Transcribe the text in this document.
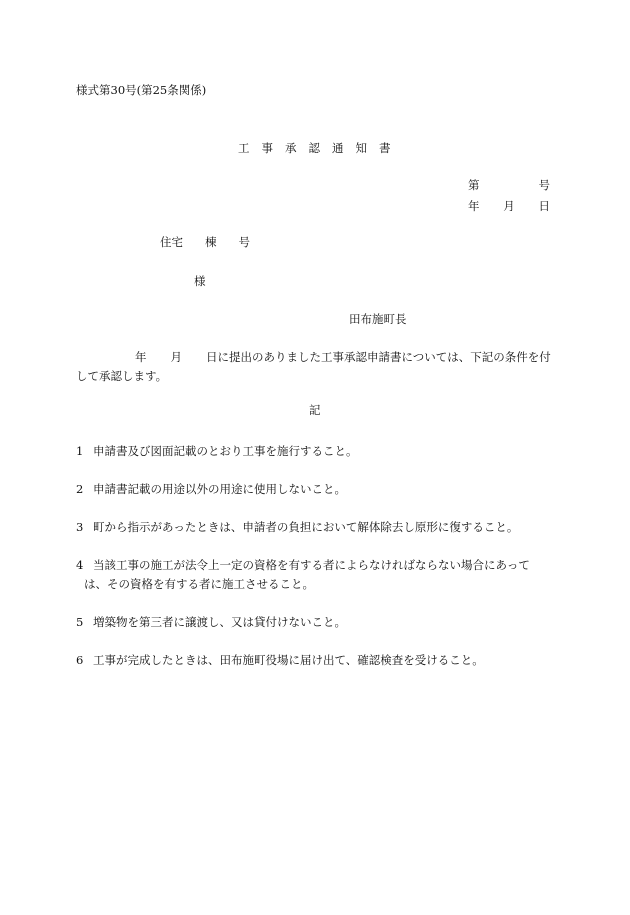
様式第30号(第25条関係)
工 事 承 認 通 知 書
第	号
年 月 日
住宅 棟 号
様
田布施町長
年 月 日に提出のありました工事承認申請書については、下記の条件を付して承認します。
記
1 申請書及び図面記載のとおり工事を施行すること。
2 申請書記載の用途以外の用途に使用しないこと。
3 町から指示があったときは、申請者の負担において解体除去し原形に復すること。
4 当該工事の施工が法令上一定の資格を有する者によらなければならない場合にあって
は、その資格を有する者に施工させること。
5 増築物を第三者に譲渡し、又は貸付けないこと。
6 工事が完成したときは、田布施町役場に届け出て、確認検査を受けること。
